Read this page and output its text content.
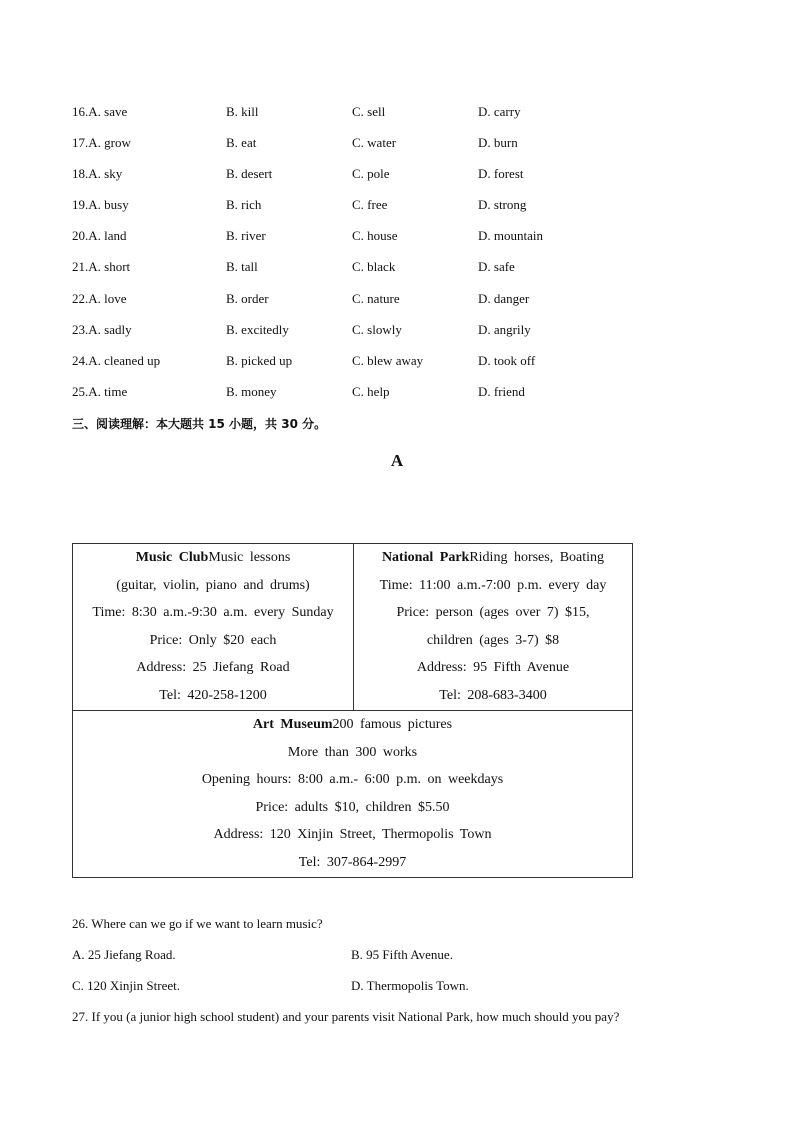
16.A. save	B. kill	C. sell	D. carry
17.A. grow	B. eat	C. water	D. burn
18.A. sky	B. desert	C. pole	D. forest
19.A. busy	B. rich	C. free	D. strong
20.A. land	B. river	C. house	D. mountain
21.A. short	B. tall	C. black	D. safe
22.A. love	B. order	C. nature	D. danger
23.A. sadly	B. excitedly	C. slowly	D. angrily
24.A. cleaned up	B. picked up	C. blew away	D. took off
25.A. time	B. money	C. help	D. friend
三、阅读理解：本大题共 15 小题，共 30 分。
A
Music ClubMusic lessons
(guitar, violin, piano and drums)
Time: 8:30 a.m.-9:30 a.m. every Sunday
Price: Only $20 each
Address: 25 Jiefang Road
Tel: 420-258-1200

National ParkRiding horses, Boating
Time: 11:00 a.m.-7:00 p.m. every day
Price: person (ages over 7) $15,
children (ages 3-7) $8
Address: 95 Fifth Avenue
Tel: 208-683-3400

Art Museum200 famous pictures
More than 300 works
Opening hours: 8:00 a.m.- 6:00 p.m. on weekdays
Price: adults $10, children $5.50
Address: 120 Xinjin Street, Thermopolis Town
Tel: 307-864-2997
26. Where can we go if we want to learn music?
A. 25 Jiefang Road.	B. 95 Fifth Avenue.
C. 120 Xinjin Street.	D. Thermopolis Town.
27. If you (a junior high school student) and your parents visit National Park, how much should you pay?
